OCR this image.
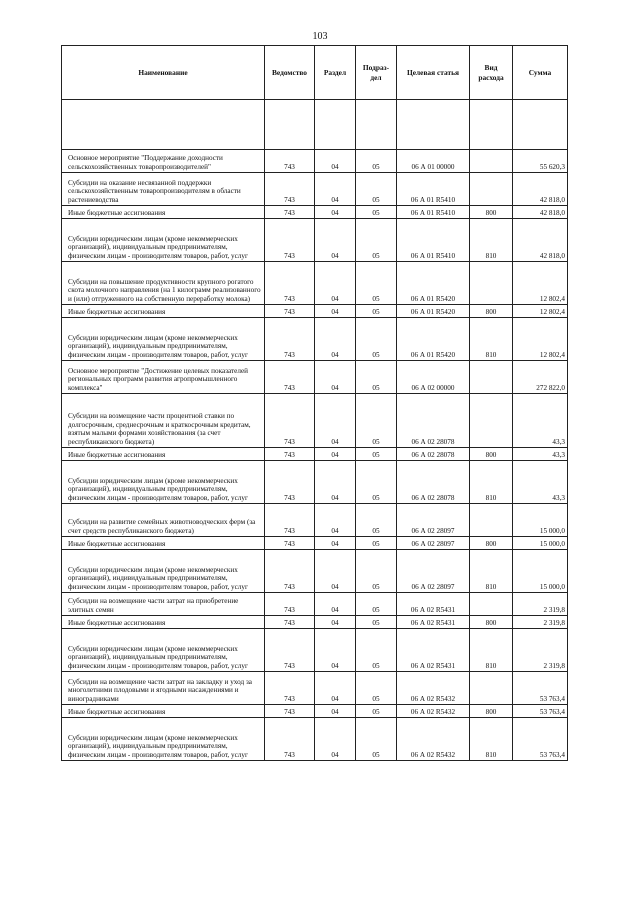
103
Наименование	Ведомство	Раздел	Подраз-дел	Целевая статья	Вид расхода	Сумма

Основное мероприятие "Поддержание доходности сельскохозяйственных товаропроизводителей"	743	04	05	06 А 01 00000		55 620,3
Субсидии на оказание несвязанной поддержки сельскохозяйственным товаропроизводителям в области растениеводства	743	04	05	06 А 01 R5410		42 818,0
Иные бюджетные ассигнования	743	04	05	06 А 01 R5410	800	42 818,0
Субсидии юридическим лицам (кроме некоммерческих организаций), индивидуальным предпринимателям, физическим лицам - производителям товаров, работ, услуг	743	04	05	06 А 01 R5410	810	42 818,0
Субсидии на повышение продуктивности крупного рогатого скота молочного направления (на 1 килограмм реализованного и (или) отгруженного на собственную переработку молока)	743	04	05	06 А 01 R5420		12 802,4
Иные бюджетные ассигнования	743	04	05	06 А 01 R5420	800	12 802,4
Субсидии юридическим лицам (кроме некоммерческих организаций), индивидуальным предпринимателям, физическим лицам - производителям товаров, работ, услуг	743	04	05	06 А 01 R5420	810	12 802,4
Основное мероприятие "Достижение целевых показателей региональных программ развития агропромышленного комплекса"	743	04	05	06 А 02 00000		272 822,0
Субсидии на возмещение части процентной ставки по долгосрочным, среднесрочным и краткосрочным кредитам, взятым малыми формами хозяйствования (за счет республиканского бюджета)	743	04	05	06 А 02 28078		43,3
Иные бюджетные ассигнования	743	04	05	06 А 02 28078	800	43,3
Субсидии юридическим лицам (кроме некоммерческих организаций), индивидуальным предпринимателям, физическим лицам - производителям товаров, работ, услуг	743	04	05	06 А 02 28078	810	43,3
Субсидии на развитие семейных животноводческих ферм (за счет средств республиканского бюджета)	743	04	05	06 А 02 28097		15 000,0
Иные бюджетные ассигнования	743	04	05	06 А 02 28097	800	15 000,0
Субсидии юридическим лицам (кроме некоммерческих организаций), индивидуальным предпринимателям, физическим лицам - производителям товаров, работ, услуг	743	04	05	06 А 02 28097	810	15 000,0
Субсидии на возмещение части затрат на приобретение элитных семян	743	04	05	06 А 02 R5431		2 319,8
Иные бюджетные ассигнования	743	04	05	06 А 02 R5431	800	2 319,8
Субсидии юридическим лицам (кроме некоммерческих организаций), индивидуальным предпринимателям, физическим лицам - производителям товаров, работ, услуг	743	04	05	06 А 02 R5431	810	2 319,8
Субсидии на возмещение части затрат на закладку и уход за многолетними плодовыми и ягодными насаждениями и виноградниками	743	04	05	06 А 02 R5432		53 763,4
Иные бюджетные ассигнования	743	04	05	06 А 02 R5432	800	53 763,4
Субсидии юридическим лицам (кроме некоммерческих организаций), индивидуальным предпринимателям, физическим лицам - производителям товаров, работ, услуг	743	04	05	06 А 02 R5432	810	53 763,4
